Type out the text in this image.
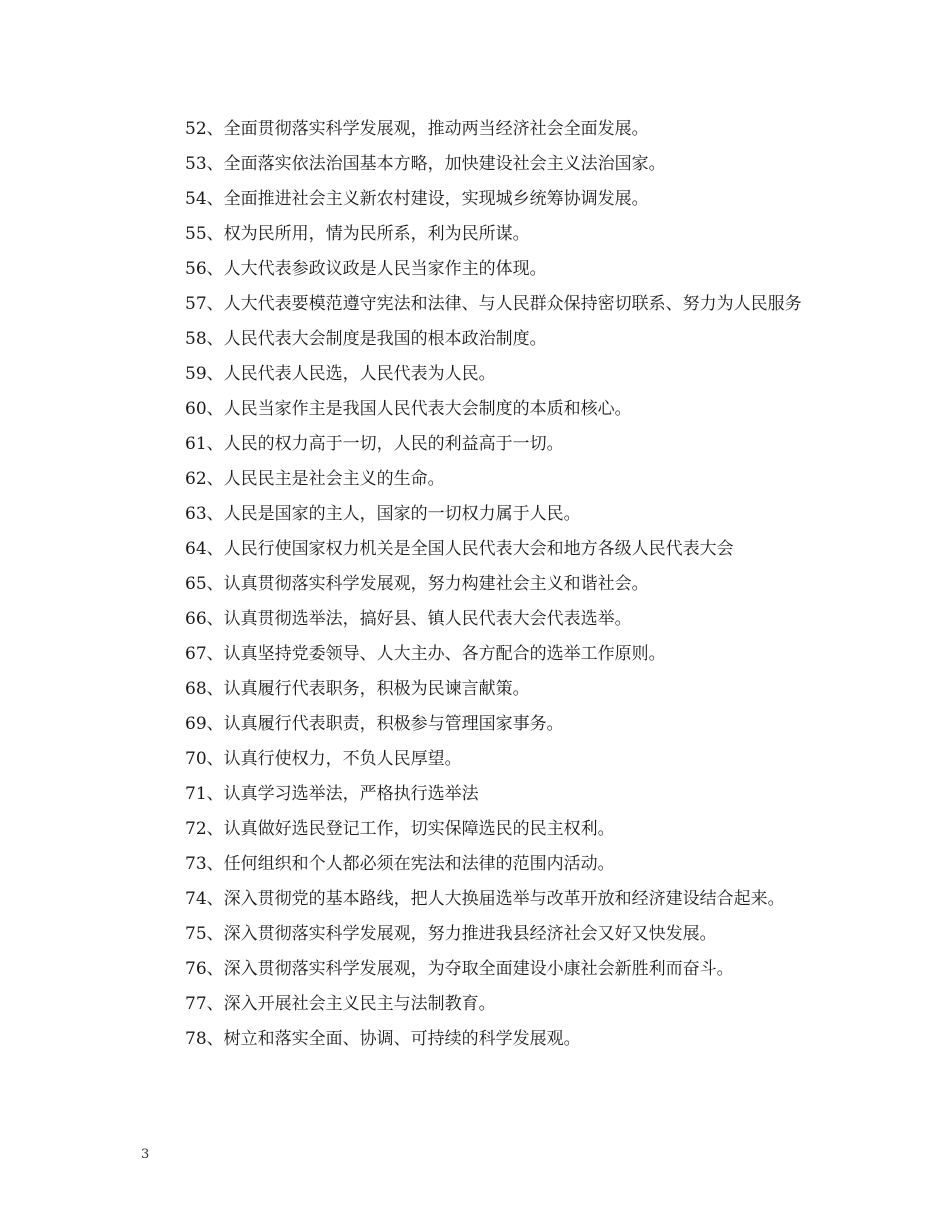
52、全面贯彻落实科学发展观，推动两当经济社会全面发展。

53、全面落实依法治国基本方略，加快建设社会主义法治国家。

54、全面推进社会主义新农村建设，实现城乡统筹协调发展。

55、权为民所用，情为民所系，利为民所谋。

56、人大代表参政议政是人民当家作主的体现。

57、人大代表要模范遵守宪法和法律、与人民群众保持密切联系、努力为人民服务

58、人民代表大会制度是我国的根本政治制度。

59、人民代表人民选，人民代表为人民。

60、人民当家作主是我国人民代表大会制度的本质和核心。

61、人民的权力高于一切，人民的利益高于一切。

62、人民民主是社会主义的生命。

63、人民是国家的主人，国家的一切权力属于人民。

64、人民行使国家权力机关是全国人民代表大会和地方各级人民代表大会

65、认真贯彻落实科学发展观，努力构建社会主义和谐社会。

66、认真贯彻选举法，搞好县、镇人民代表大会代表选举。

67、认真坚持党委领导、人大主办、各方配合的选举工作原则。

68、认真履行代表职务，积极为民谏言献策。

69、认真履行代表职责，积极参与管理国家事务。

70、认真行使权力，不负人民厚望。

71、认真学习选举法，严格执行选举法

72、认真做好选民登记工作，切实保障选民的民主权利。

73、任何组织和个人都必须在宪法和法律的范围内活动。

74、深入贯彻党的基本路线，把人大换届选举与改革开放和经济建设结合起来。

75、深入贯彻落实科学发展观，努力推进我县经济社会又好又快发展。

76、深入贯彻落实科学发展观，为夺取全面建设小康社会新胜利而奋斗。

77、深入开展社会主义民主与法制教育。

78、树立和落实全面、协调、可持续的科学发展观。

3
